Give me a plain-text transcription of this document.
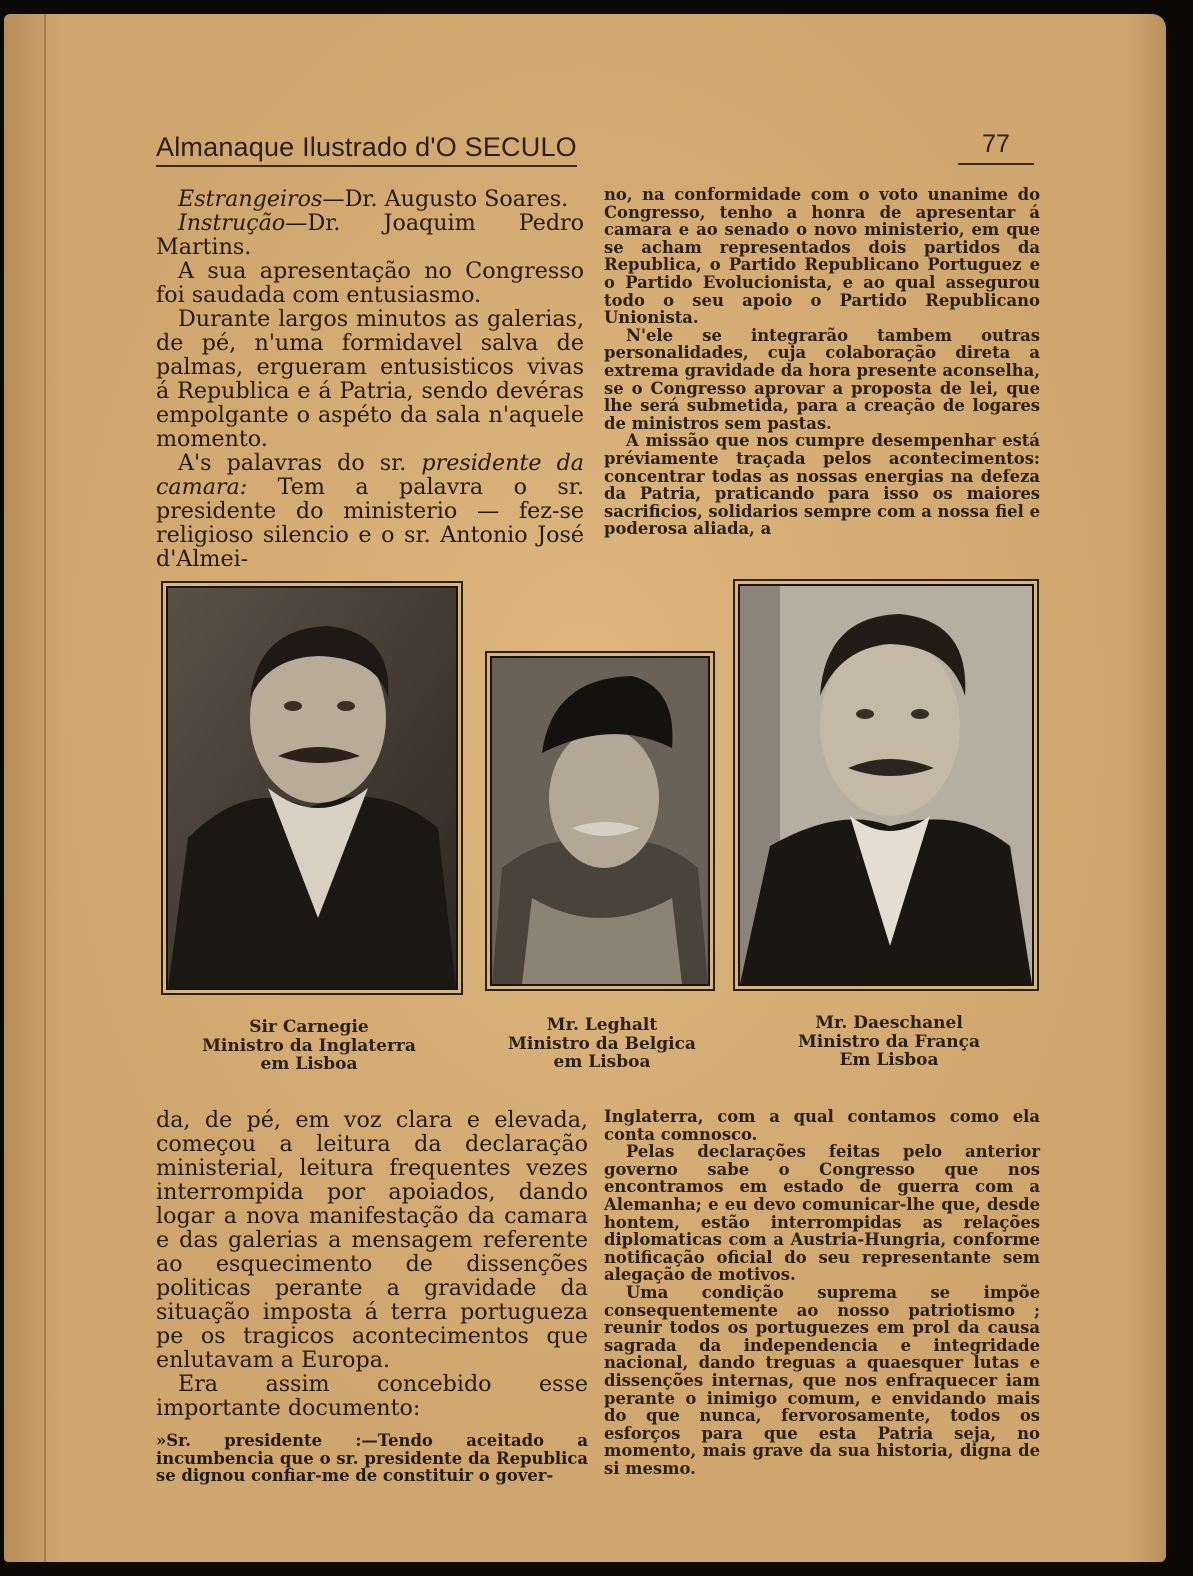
Almanaque Ilustrado d'O SECULO	77

Estrangeiros—Dr. Augusto Soares.

Instrução—Dr. Joaquim Pedro Martins.

A sua apresentação no Congresso foi saudada com entusiasmo.

Durante largos minutos as galerias, de pé, n'uma formidavel salva de palmas, ergueram entusisticos vivas á Republica e á Patria, sendo devéras empolgante o aspéto da sala n'aquele momento.

A's palavras do sr. presidente da camara: Tem a palavra o sr. presidente do ministerio — fez-se religioso silencio e o sr. Antonio José d'Almei-

no, na conformidade com o voto unanime do Congresso, tenho a honra de apresentar á camara e ao senado o novo ministerio, em que se acham representados dois partidos da Republica, o Partido Republicano Portuguez e o Partido Evolucionista, e ao qual assegurou todo o seu apoio o Partido Republicano Unionista.

N'ele se integrarão tambem outras personalidades, cuja colaboração direta a extrema gravidade da hora presente aconselha, se o Congresso aprovar a proposta de lei, que lhe será submetida, para a creação de logares de ministros sem pastas.

A missão que nos cumpre desempenhar está préviamente traçada pelos acontecimentos: concentrar todas as nossas energias na defeza da Patria, praticando para isso os maiores sacrificios, solidarios sempre com a nossa fiel e poderosa aliada, a

Sir Carnegie
Ministro da Inglaterra
em Lisboa
Mr. Leghalt
Ministro da Belgica
em Lisboa
Mr. Daeschanel
Ministro da França
Em Lisboa

da, de pé, em voz clara e elevada, começou a leitura da declaração ministerial, leitura frequentes vezes interrompida por apoiados, dando logar a nova manifestação da camara e das galerias a mensagem referente ao esquecimento de dissenções politicas perante a gravidade da situação imposta á terra portugueza pe os tragicos acontecimentos que enlutavam a Europa.

Era assim concebido esse importante documento:

»Sr. presidente :—Tendo aceitado a incumbencia que o sr. presidente da Republica se dignou confiar-me de constituir o gover-

Inglaterra, com a qual contamos como ela conta comnosco.

Pelas declarações feitas pelo anterior governo sabe o Congresso que nos encontramos em estado de guerra com a Alemanha; e eu devo comunicar-lhe que, desde hontem, estão interrompidas as relações diplomaticas com a Austria-Hungria, conforme notificação oficial do seu representante sem alegação de motivos.

Uma condição suprema se impõe consequentemente ao nosso patriotismo ; reunir todos os portuguezes em prol da causa sagrada da independencia e integridade nacional, dando treguas a quaesquer lutas e dissenções internas, que nos enfraquecer iam perante o inimigo comum, e envidando mais do que nunca, fervorosamente, todos os esforços para que esta Patria seja, no momento, mais grave da sua historia, digna de si mesmo.
